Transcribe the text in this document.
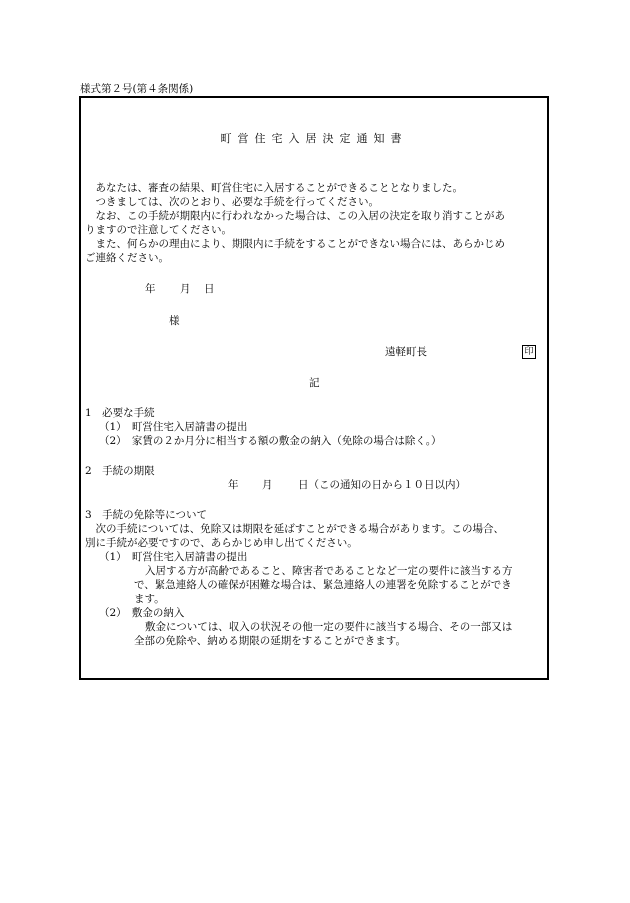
様式第２号(第４条関係)
町営住宅入居決定通知書
あなたは、審査の結果、町営住宅に入居することができることとなりました。
つきましては、次のとおり、必要な手続を行ってください。
なお、この手続が期限内に行われなかった場合は、この入居の決定を取り消すことがあ
りますので注意してください。
また、何らかの理由により、期限内に手続をすることができない場合には、あらかじめ
ご連絡ください。
年 月 日
様
遠軽町長	印
記
1　必要な手続
（1）　町営住宅入居請書の提出
（2）　家賃の２か月分に相当する額の敷金の納入（免除の場合は除く。）
2　手続の期限
年 月 日（この通知の日から１０日以内）
3　手続の免除等について
次の手続については、免除又は期限を延ばすことができる場合があります。この場合、
別に手続が必要ですので、あらかじめ申し出てください。
（1）　町営住宅入居請書の提出
入居する方が高齢であること、障害者であることなど一定の要件に該当する方
で、緊急連絡人の確保が困難な場合は、緊急連絡人の連署を免除することができ
ます。
（2）　敷金の納入
敷金については、収入の状況その他一定の要件に該当する場合、その一部又は
全部の免除や、納める期限の延期をすることができます。
